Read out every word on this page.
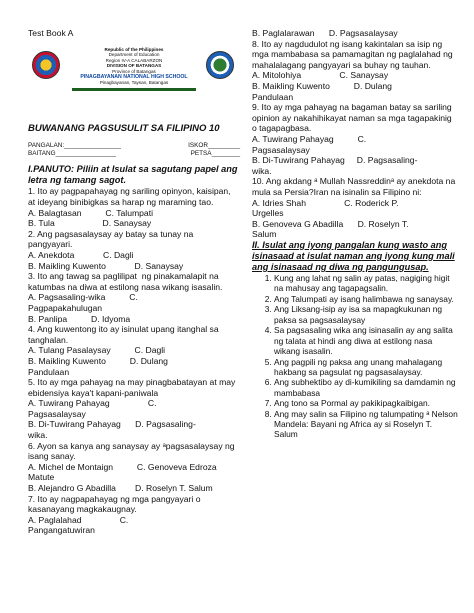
Test Book A

Republic of the Philippines
Department of Education
Region IV-A CALABARZON
DIVISION OF BATANGAS
Province of Batangas
PINAGBAYANAN NATIONAL HIGH SCHOOL
Pinagbayanan, Taysan, Batangas
BUWANANG PAGSUSULIT SA FILIPINO 10
PANGALAN:________________	ISKOR_________
BAITANG_________________	PETSA________

I.PANUTO: Piliin at Isulat sa sagutang papel ang letra ng tamang sagot.

1. Ito ay pagpapahayag ng sariling opinyon, kaisipan, at ideyang binibigkas sa harap ng maraming tao.

A. Balagtasan          C. Talumpati

B. Tula                    D. Sanaysay

2. Ang pagsasalaysay ay batay sa tunay na pangyayari.

A. Anekdota            C. Dagli

B. Maikling Kuwento            D. Sanaysay

3. Ito ang tawag sa paglilipat  ng pinakamalapit na katumbas na diwa at estilong nasa wikang isasalin.

A. Pagsasaling-wika          C.

Pagpapakahulugan

B. Panlipa          D. Idyoma

4. Ang kuwentong ito ay isinulat upang itanghal sa tanghalan.

A. Tulang Pasalaysay          C. Dagli

B. Maikling Kuwento          D. Dulang

Pandulaan

5. Ito ay mga pahayag na may pinagbabatayan at may ebidensiya kaya't kapani-paniwala

A. Tuwirang Pahayag                C.

Pagsasalaysay

B. Di-Tuwirang Pahayag      D. Pagsasaling-

wika.

6. Ayon sa kanya ang sanaysay ay ᵃpagsasalaysay ng isang sanay.

A. Michel de Montaign          C. Genoveva Edroza

Matute

B. Alejandro G Abadilla        D. Roselyn T. Salum

7. Ito ay nagpapahayag ng mga pangyayari o kasanayang magkakaugnay.

A. Paglalahad                C.

Pangangatuwiran

B. Paglalarawan      D. Pagsasalaysay

8. Ito ay nagdudulot ng isang kakintalan sa isip ng mga mambabasa sa pamamagitan ng paglalahad ng mahalalagang pangyayari sa buhay ng tauhan.

A. Mitolohiya                C. Sanaysay

B. Maikling Kuwento          D. Dulang

Pandulaan

9. Ito ay mga pahayag na bagaman batay sa sariling opinion ay nakahihikayat naman sa mga tagapakinig o tagapagbasa.

A. Tuwirang Pahayag          C.

Pagsasalaysay

B. Di-Tuwirang Pahayag     D. Pagsasaling-

wika.

10. Ang akdang ᵃ Mullah Nassreddinᵃ ay anekdota na mula sa Persia?Iran na isinalin sa Filipino ni:

A. Idries Shah                C. Roderick P.

Urgelles

B. Genoveva G Abadilla      D. Roselyn T.

Salum

II. Isulat ang iyong pangalan kung wasto ang isinasaad at isulat naman ang iyong kung mali ang isinasaad ng diwa ng pangungusap.

1. Kung ang lahat ng salin ay patas, nagiging higit na mahusay ang tagapagsalin.
2. Ang Talumpati ay isang halimbawa ng sanaysay.
3. Ang Liksang-isip ay isa sa mapagkukunan ng paksa sa pagsasalaysay
4. Sa pagsasaling wika ang isinasalin ay ang salita ng talata at hindi ang diwa at estilong nasa wikang isasalin.
5. Ang pagpili ng paksa ang unang mahalagang hakbang sa pagsulat ng pagsasalaysay.
6. Ang subhektibo ay di-kumikiling sa damdamin ng mambabasa
7. Ang tono sa Pormal ay pakikipagkaibigan.
8. Ang may salin sa Filipino ng talumpating ᵃ Nelson Mandela: Bayani ng Africa ay si Roselyn T. Salum
